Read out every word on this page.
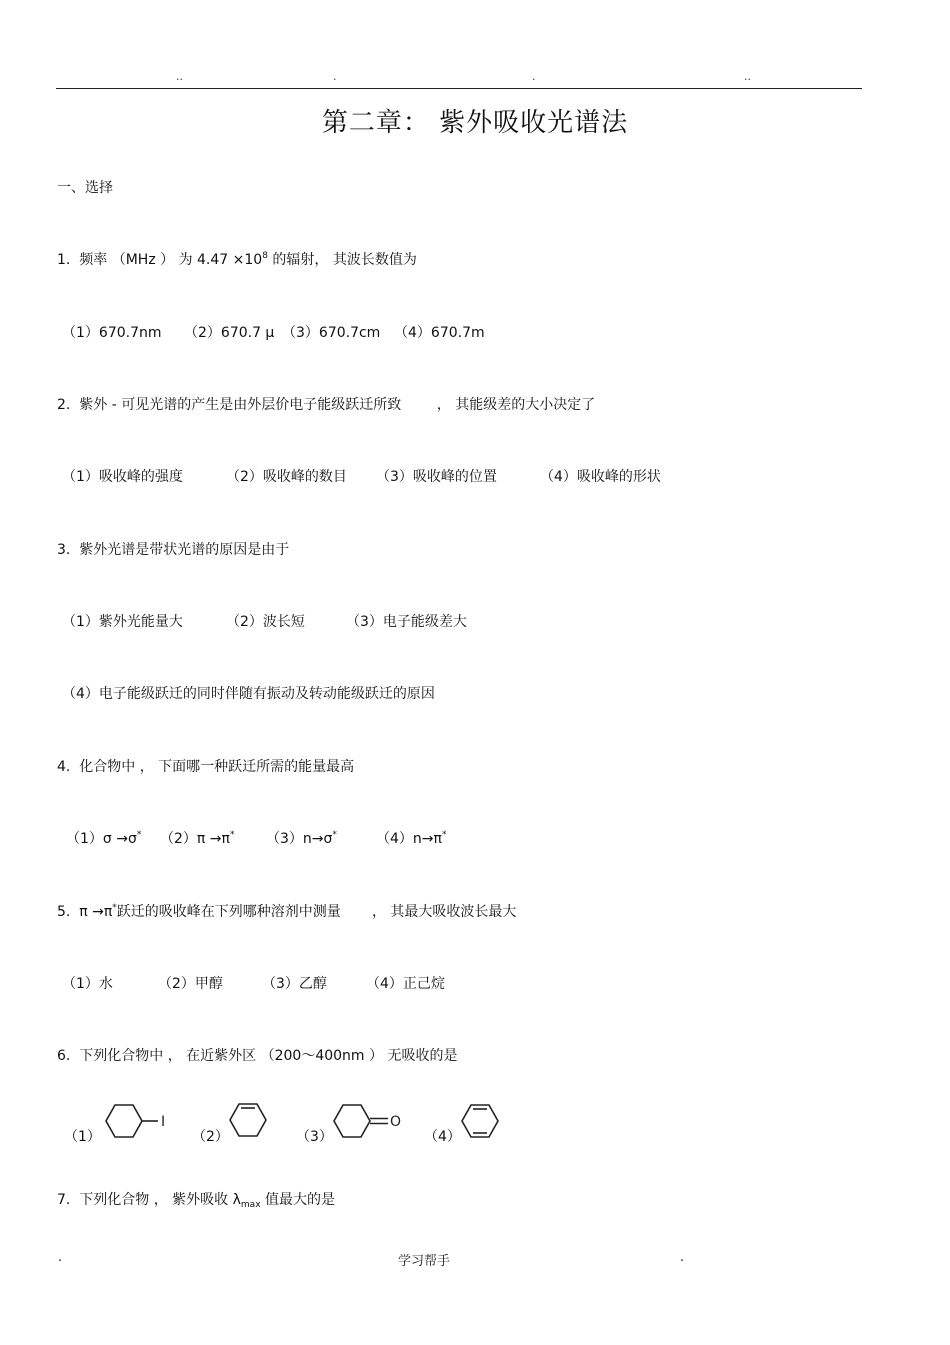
..	.	.	..
第二章： 紫外吸收光谱法
一、选择
1.  频率 （MHz ） 为 $4.47 \times 10^8$ 的辐射， 其波长数值为
（1）670.7nm （2）670.7 μ （3）670.7cm （4）670.7m
2.  紫外 - 可见光谱的产生是由外层价电子能级跃迁所致        ， 其能级差的大小决定了
（1）吸收峰的强度	（2）吸收峰的数目 （3）吸收峰的位置	（4）吸收峰的形状
3.  紫外光谱是带状光谱的原因是由于
（1）紫外光能量大	（2）波长短	（3）电子能级差大
（4）电子能级跃迁的同时伴随有振动及转动能级跃迁的原因
4.  化合物中 ， 下面哪一种跃迁所需的能量最高
（1）σ →σ* （2）π →π* （3）n→σ*	（4）n→π*
5.  π →π*跃迁的吸收峰在下列哪种溶剂中测量       ， 其最大吸收波长最大
（1）水	（2）甲醇	（3）乙醇	（4）正己烷
6.  下列化合物中 ， 在近紫外区 （200～400nm ） 无吸收的是
（1）
I
（2）	（3）
O
（4）
7.  下列化合物 ， 紫外吸收 $\lambda_{max}$ 值最大的是
.	学习帮手	.
